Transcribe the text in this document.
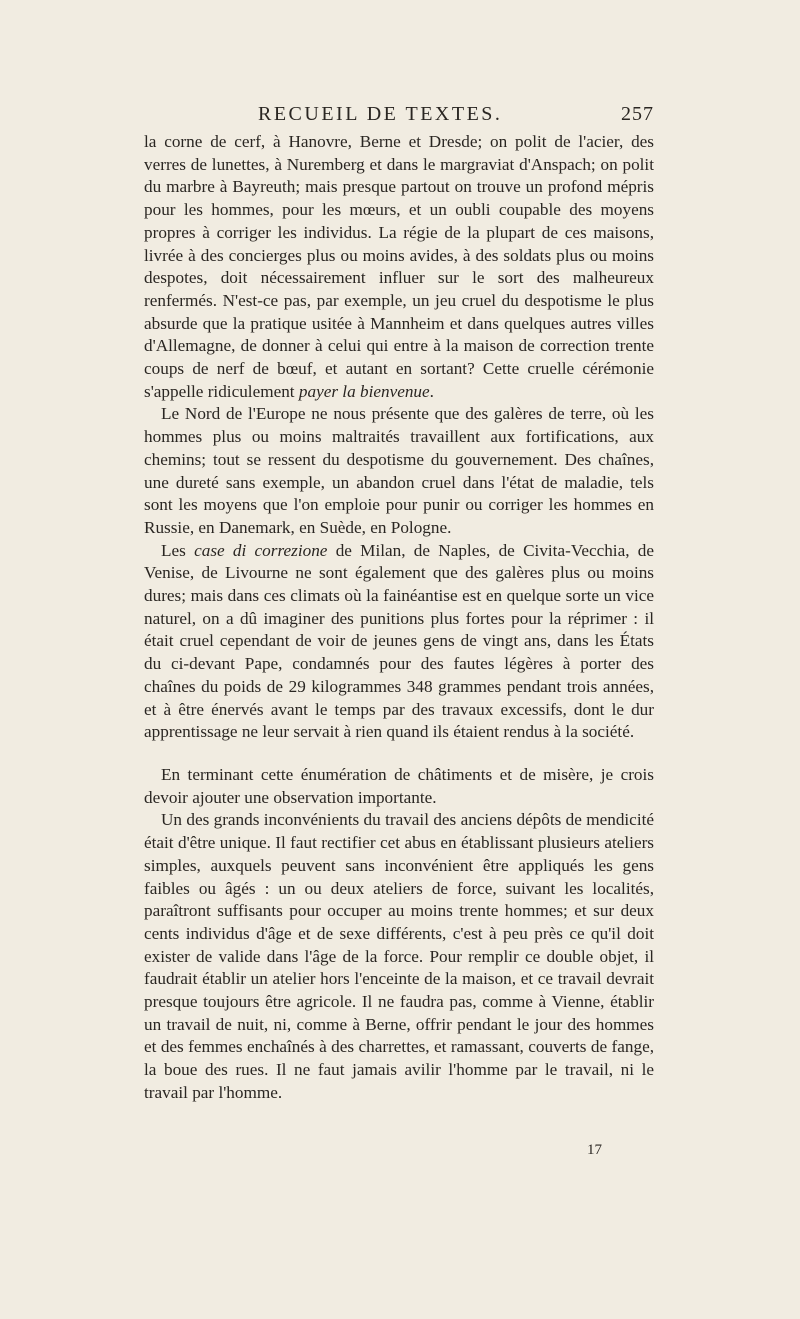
RECUEIL DE TEXTES.	257

la corne de cerf, à Hanovre, Berne et Dresde; on polit de l'acier, des verres de lunettes, à Nuremberg et dans le margraviat d'Anspach; on polit du marbre à Bayreuth; mais presque partout on trouve un profond mépris pour les hommes, pour les mœurs, et un oubli coupable des moyens propres à corriger les individus. La régie de la plupart de ces maisons, livrée à des concierges plus ou moins avides, à des soldats plus ou moins despotes, doit nécessairement influer sur le sort des malheureux renfermés. N'est-ce pas, par exemple, un jeu cruel du despotisme le plus absurde que la pratique usitée à Mannheim et dans quelques autres villes d'Allemagne, de donner à celui qui entre à la maison de correction trente coups de nerf de bœuf, et autant en sortant? Cette cruelle cérémonie s'appelle ridiculement payer la bienvenue.

Le Nord de l'Europe ne nous présente que des galères de terre, où les hommes plus ou moins maltraités travaillent aux fortifications, aux chemins; tout se ressent du despotisme du gouvernement. Des chaînes, une dureté sans exemple, un abandon cruel dans l'état de maladie, tels sont les moyens que l'on emploie pour punir ou corriger les hommes en Russie, en Danemark, en Suède, en Pologne.

Les case di correzione de Milan, de Naples, de Civita-Vecchia, de Venise, de Livourne ne sont également que des galères plus ou moins dures; mais dans ces climats où la fainéantise est en quelque sorte un vice naturel, on a dû imaginer des punitions plus fortes pour la réprimer : il était cruel cependant de voir de jeunes gens de vingt ans, dans les États du ci-devant Pape, condamnés pour des fautes légères à porter des chaînes du poids de 29 kilogrammes 348 grammes pendant trois années, et à être énervés avant le temps par des travaux excessifs, dont le dur apprentissage ne leur servait à rien quand ils étaient rendus à la société.

En terminant cette énumération de châtiments et de misère, je crois devoir ajouter une observation importante.

Un des grands inconvénients du travail des anciens dépôts de mendicité était d'être unique. Il faut rectifier cet abus en établissant plusieurs ateliers simples, auxquels peuvent sans inconvénient être appliqués les gens faibles ou âgés : un ou deux ateliers de force, suivant les localités, paraîtront suffisants pour occuper au moins trente hommes; et sur deux cents individus d'âge et de sexe différents, c'est à peu près ce qu'il doit exister de valide dans l'âge de la force. Pour remplir ce double objet, il faudrait établir un atelier hors l'enceinte de la maison, et ce travail devrait presque toujours être agricole. Il ne faudra pas, comme à Vienne, établir un travail de nuit, ni, comme à Berne, offrir pendant le jour des hommes et des femmes enchaînés à des charrettes, et ramassant, couverts de fange, la boue des rues. Il ne faut jamais avilir l'homme par le travail, ni le travail par l'homme.

17
